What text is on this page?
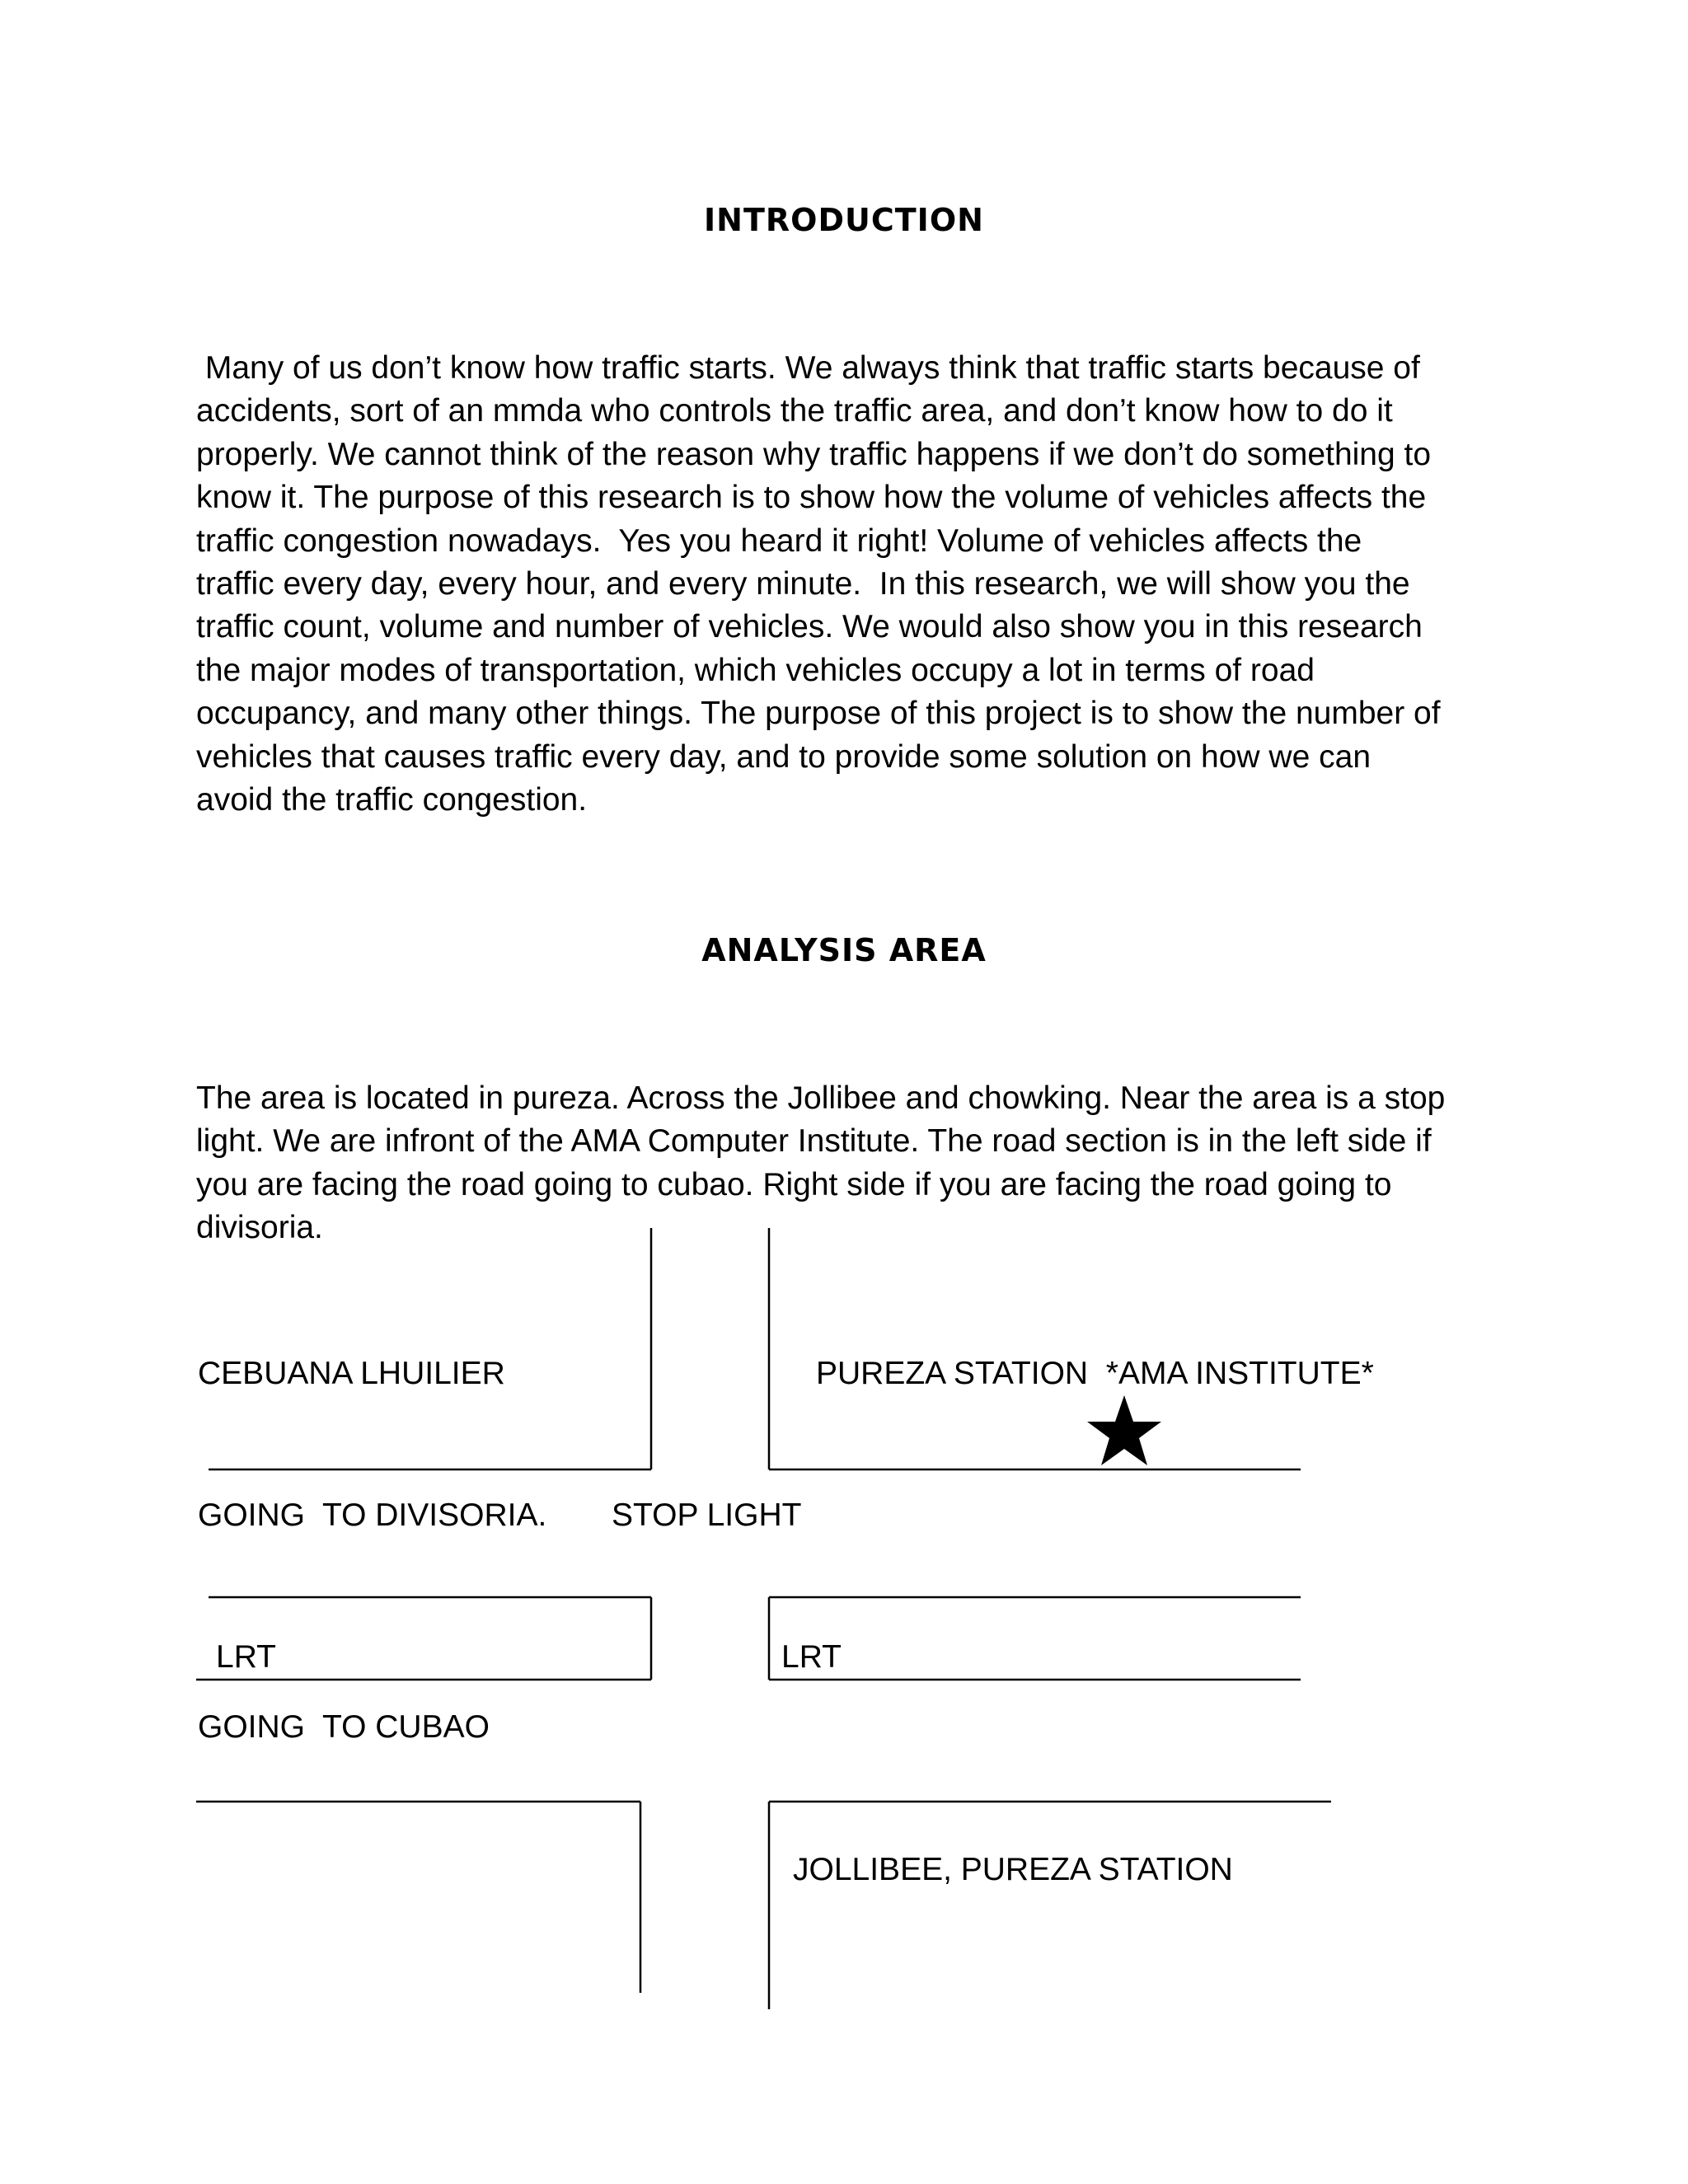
INTRODUCTION
Many of us don’t know how traffic starts. We always think that traffic starts because of
accidents, sort of an mmda who controls the traffic area, and don’t know how to do it
properly. We cannot think of the reason why traffic happens if we don’t do something to
know it. The purpose of this research is to show how the volume of vehicles affects the
traffic congestion nowadays.  Yes you heard it right! Volume of vehicles affects the
traffic every day, every hour, and every minute.  In this research, we will show you the
traffic count, volume and number of vehicles. We would also show you in this research
the major modes of transportation, which vehicles occupy a lot in terms of road
occupancy, and many other things. The purpose of this project is to show the number of
vehicles that causes traffic every day, and to provide some solution on how we can
avoid the traffic congestion.
ANALYSIS AREA
The area is located in pureza. Across the Jollibee and chowking. Near the area is a stop
light. We are infront of the AMA Computer Institute. The road section is in the left side if
you are facing the road going to cubao. Right side if you are facing the road going to
divisoria.
CEBUANA LHUILIER	PUREZA STATION  *AMA INSTITUTE*
GOING  TO DIVISORIA. STOP LIGHT
LRT	LRT
GOING  TO CUBAO
JOLLIBEE, PUREZA STATION
